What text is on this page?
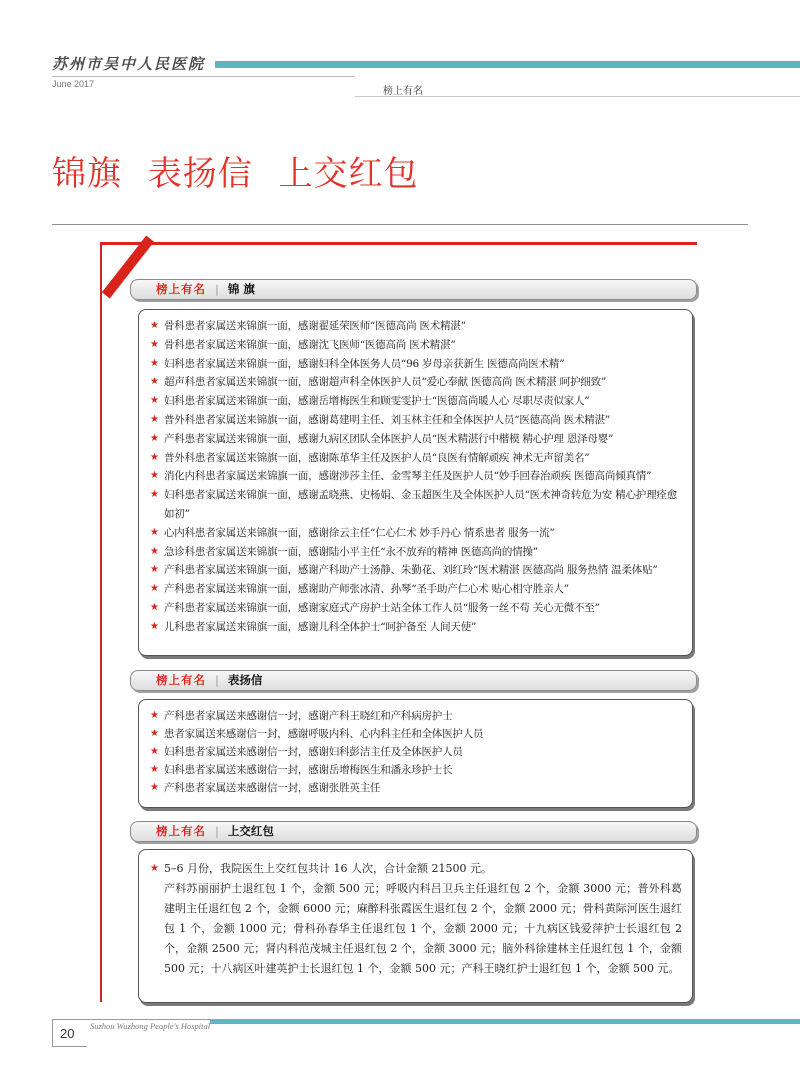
苏州市吴中人民医院
June 2017
榜上有名
锦旗 表扬信 上交红包
榜上有名 | 锦 旗
★ 骨科患者家属送来锦旗一面，感谢翟延荣医师“医德高尚 医术精湛”
★ 骨科患者家属送来锦旗一面，感谢沈飞医师“医德高尚 医术精湛”
★ 妇科患者家属送来锦旗一面，感谢妇科全体医务人员“96 岁母亲获新生 医德高尚医术精”
★ 超声科患者家属送来锦旗一面，感谢超声科全体医护人员“爱心奉献 医德高尚 医术精湛 呵护细致”
★ 妇科患者家属送来锦旗一面，感谢岳增梅医生和顾雯雯护士“医德高尚暖人心 尽职尽责似家人”
★ 普外科患者家属送来锦旗一面，感谢葛建明主任、刘玉林主任和全体医护人员“医德高尚 医术精湛”
★ 产科患者家属送来锦旗一面，感谢九病区团队全体医护人员“医术精湛行中楷模 精心护理 恩泽母婴”
★ 普外科患者家属送来锦旗一面，感谢陈革华主任及医护人员“良医有情解顽疾 神术无声留美名”
★ 消化内科患者家属送来锦旗一面，感谢涉莎主任、金雪琴主任及医护人员“妙手回春治顽疾 医德高尚倾真情”
★ 妇科患者家属送来锦旗一面，感谢孟晓燕、史杨娟、金玉超医生及全体医护人员“医术神奇转危为安 精心护理痊愈如初”
★ 心内科患者家属送来锦旗一面，感谢徐云主任“仁心仁术 妙手丹心 情系患者 服务一流”
★ 急诊科患者家属送来锦旗一面，感谢陆小平主任“永不放弃的精神 医德高尚的情操”
★ 产科患者家属送来锦旗一面，感谢产科助产士汤静、朱勤花、刘红玲“医术精湛 医德高尚 服务热情 温柔体贴”
★ 产科患者家属送来锦旗一面，感谢助产师张冰清、孙琴“圣手助产仁心术 贴心相守胜亲人”
★ 产科患者家属送来锦旗一面，感谢家庭式产房护士站全体工作人员“服务一丝不苟 关心无微不至”
★ 儿科患者家属送来锦旗一面，感谢儿科全体护士“呵护备至 人间天使”
榜上有名 | 表扬信
★ 产科患者家属送来感谢信一封，感谢产科王晓红和产科病房护士
★ 患者家属送来感谢信一封，感谢呼吸内科、心内科主任和全体医护人员
★ 妇科患者家属送来感谢信一封，感谢妇科彭洁主任及全体医护人员
★ 妇科患者家属送来感谢信一封，感谢岳增梅医生和潘永珍护士长
★ 产科患者家属送来感谢信一封，感谢张胜英主任
榜上有名 | 上交红包
★ 5–6 月份，我院医生上交红包共计 16 人次，合计金额 21500 元。

产科苏丽丽护士退红包 1 个，金额 500 元；呼吸内科吕卫兵主任退红包 2 个，金额 3000 元；普外科葛建明主任退红包 2 个，金额 6000 元；麻醉科张霞医生退红包 2 个，金额 2000 元；骨科黄际河医生退红包 1 个，金额 1000 元；骨科孙春华主任退红包 1 个，金额 2000 元；十九病区钱爱萍护士长退红包 2 个，金额 2500 元；肾内科范茂城主任退红包 2 个，金额 3000 元；脑外科徐建林主任退红包 1 个，金额 500 元；十八病区叶建英护士长退红包 1 个，金额 500 元；产科王晓红护士退红包 1 个，金额 500 元。

20 Suzhou Wuzhong People's Hospital
